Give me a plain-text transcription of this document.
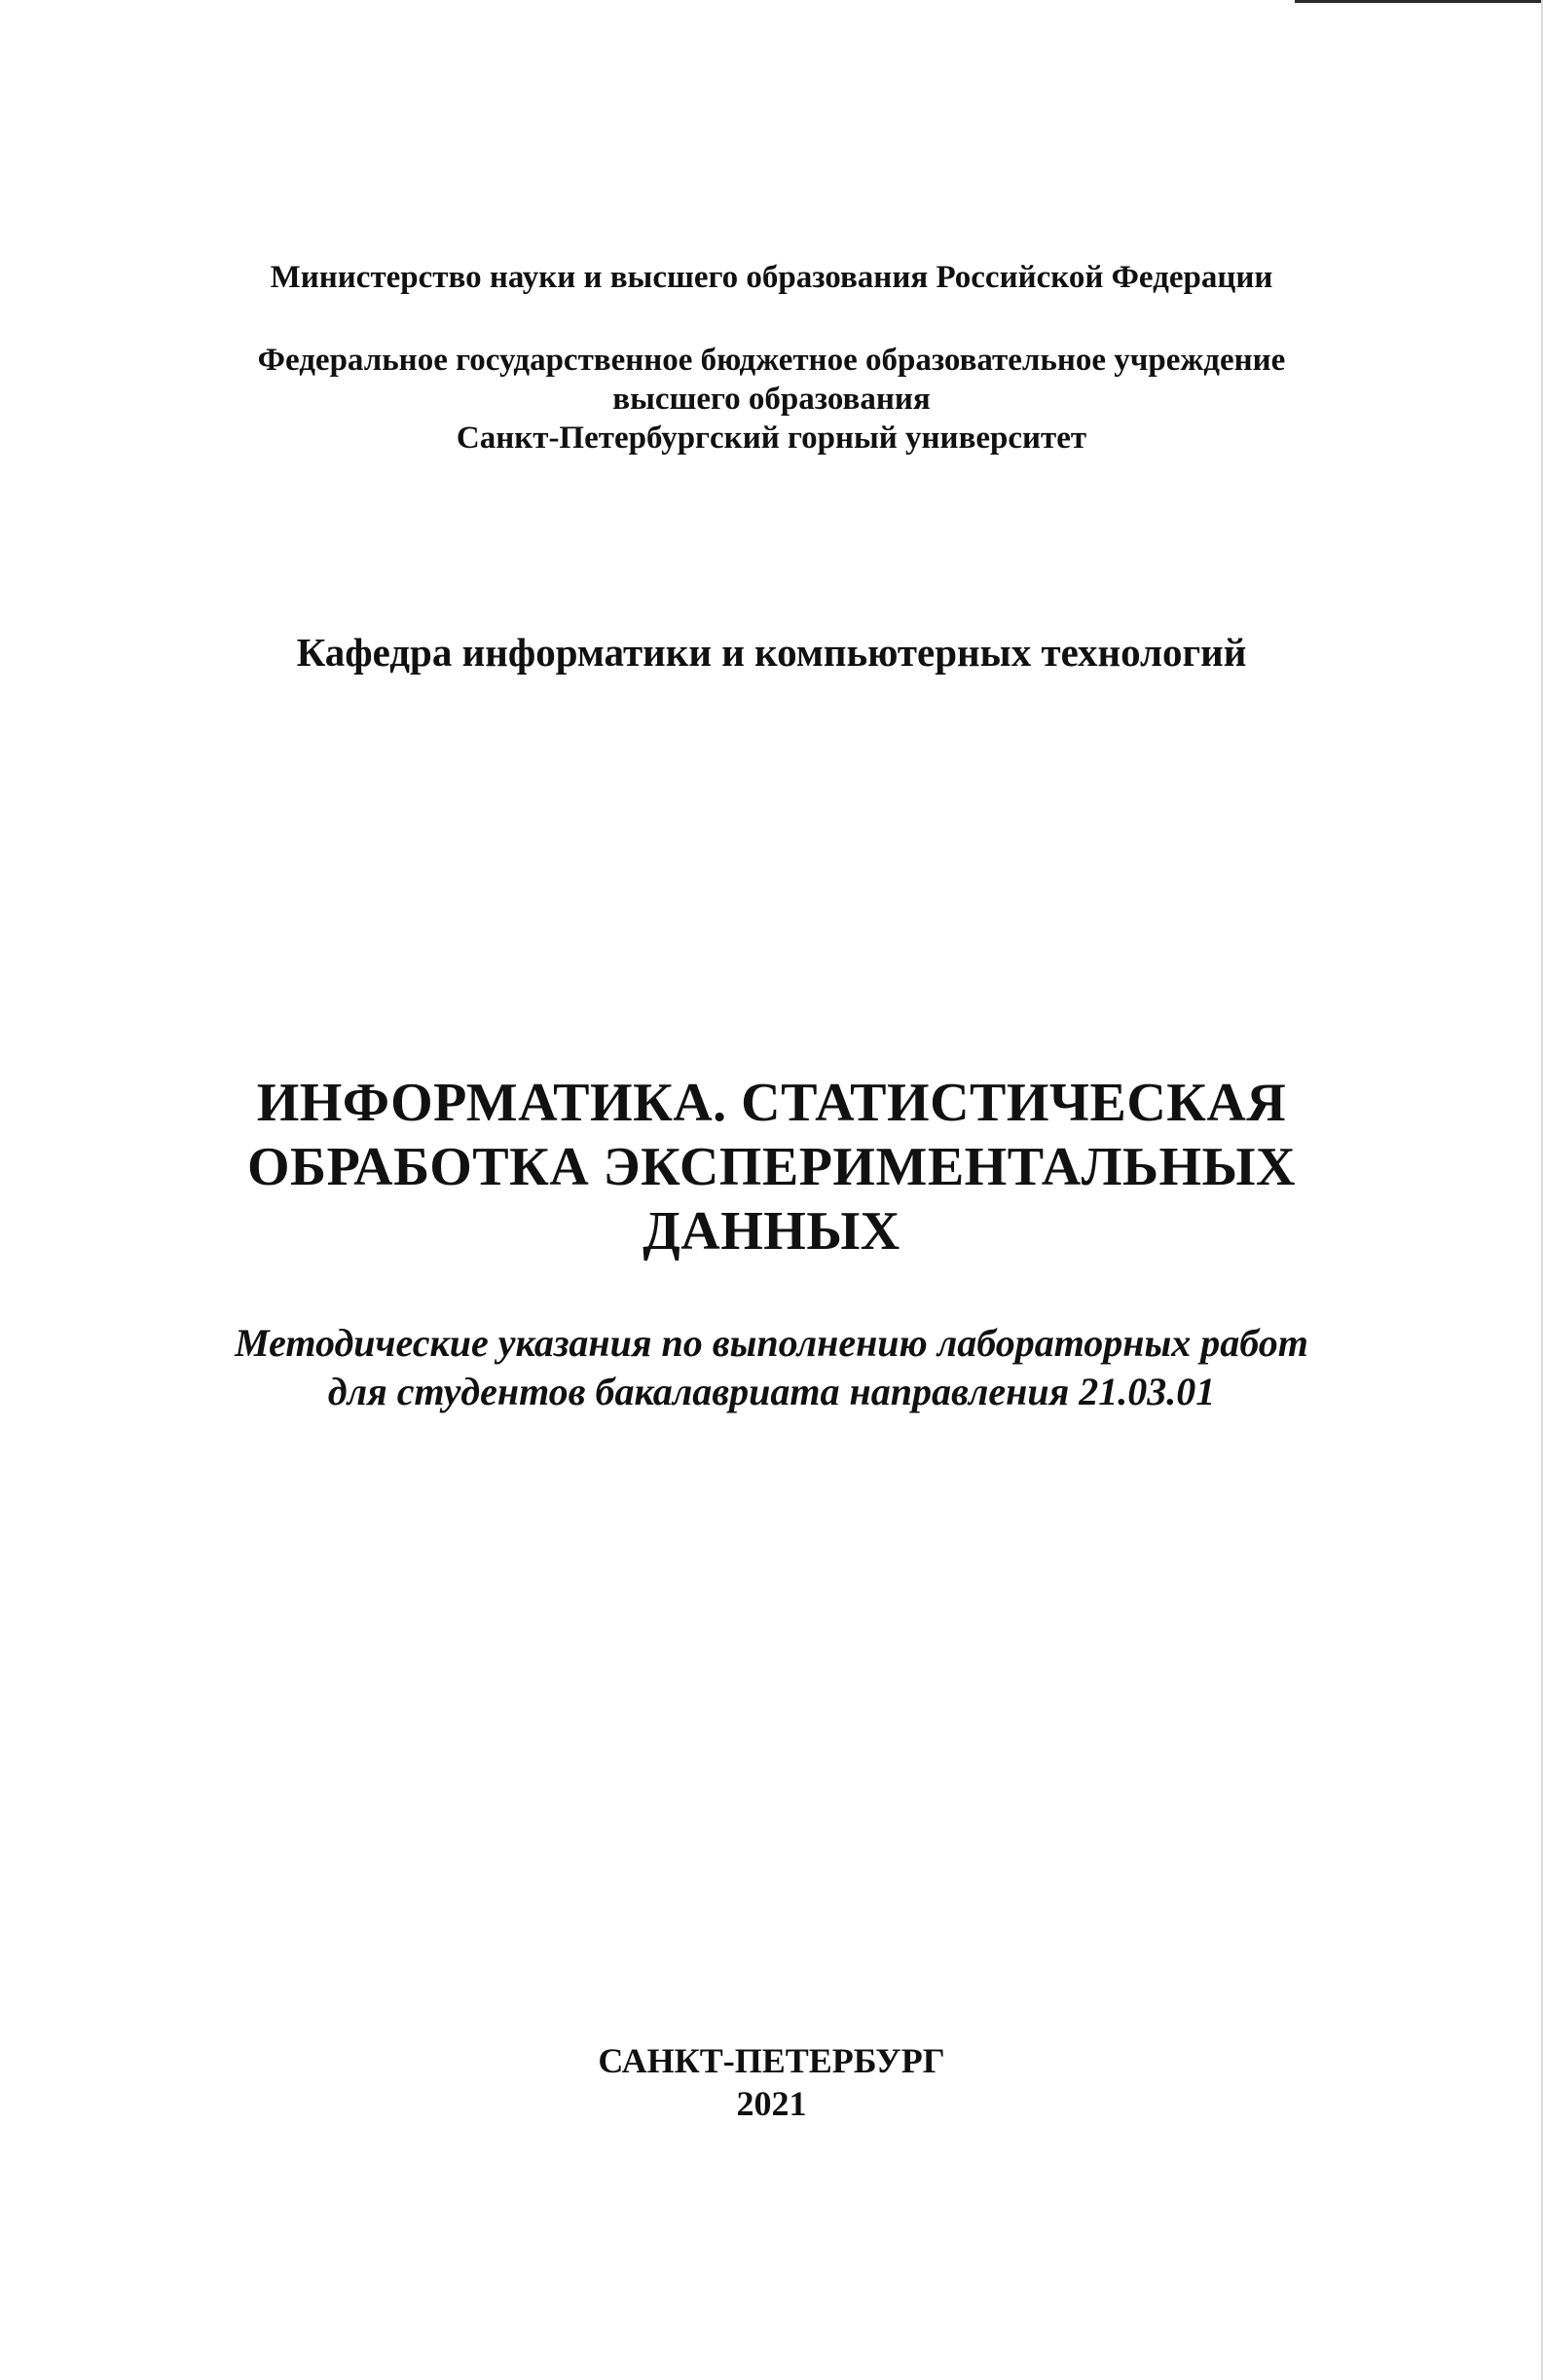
Министерство науки и высшего образования Российской Федерации
Федеральное государственное бюджетное образовательное учреждение
высшего образования
Санкт-Петербургский горный университет
Кафедра информатики и компьютерных технологий
ИНФОРМАТИКА. СТАТИСТИЧЕСКАЯ
ОБРАБОТКА ЭКСПЕРИМЕНТАЛЬНЫХ
ДАННЫХ
Методические указания по выполнению лабораторных работ
для студентов бакалавриата направления 21.03.01
САНКТ-ПЕТЕРБУРГ
2021
